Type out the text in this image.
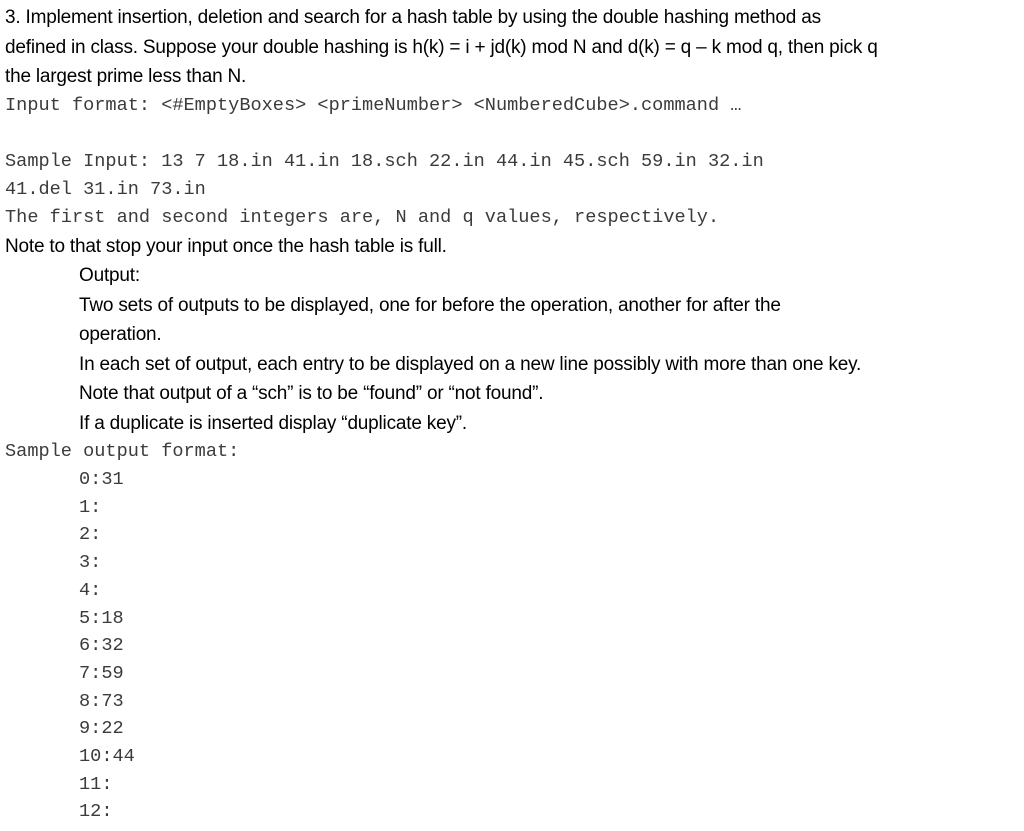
3. Implement insertion, deletion and search for a hash table by using the double hashing method as
defined in class. Suppose your double hashing is h(k) = i + jd(k) mod N and d(k) = q – k mod q, then pick q
the largest prime less than N.
Input format: <#EmptyBoxes> <primeNumber> <NumberedCube>.command …
Sample Input: 13 7 18.in 41.in 18.sch 22.in 44.in 45.sch 59.in 32.in
41.del 31.in 73.in
The first and second integers are, N and q values, respectively.
Note to that stop your input once the hash table is full.
Output:
Two sets of outputs to be displayed, one for before the operation, another for after the
operation.
In each set of output, each entry to be displayed on a new line possibly with more than one key.
Note that output of a “sch” is to be “found” or “not found”.
If a duplicate is inserted display “duplicate key”.
Sample output format:
0:31
1:
2:
3:
4:
5:18
6:32
7:59
8:73
9:22
10:44
11:
12:
